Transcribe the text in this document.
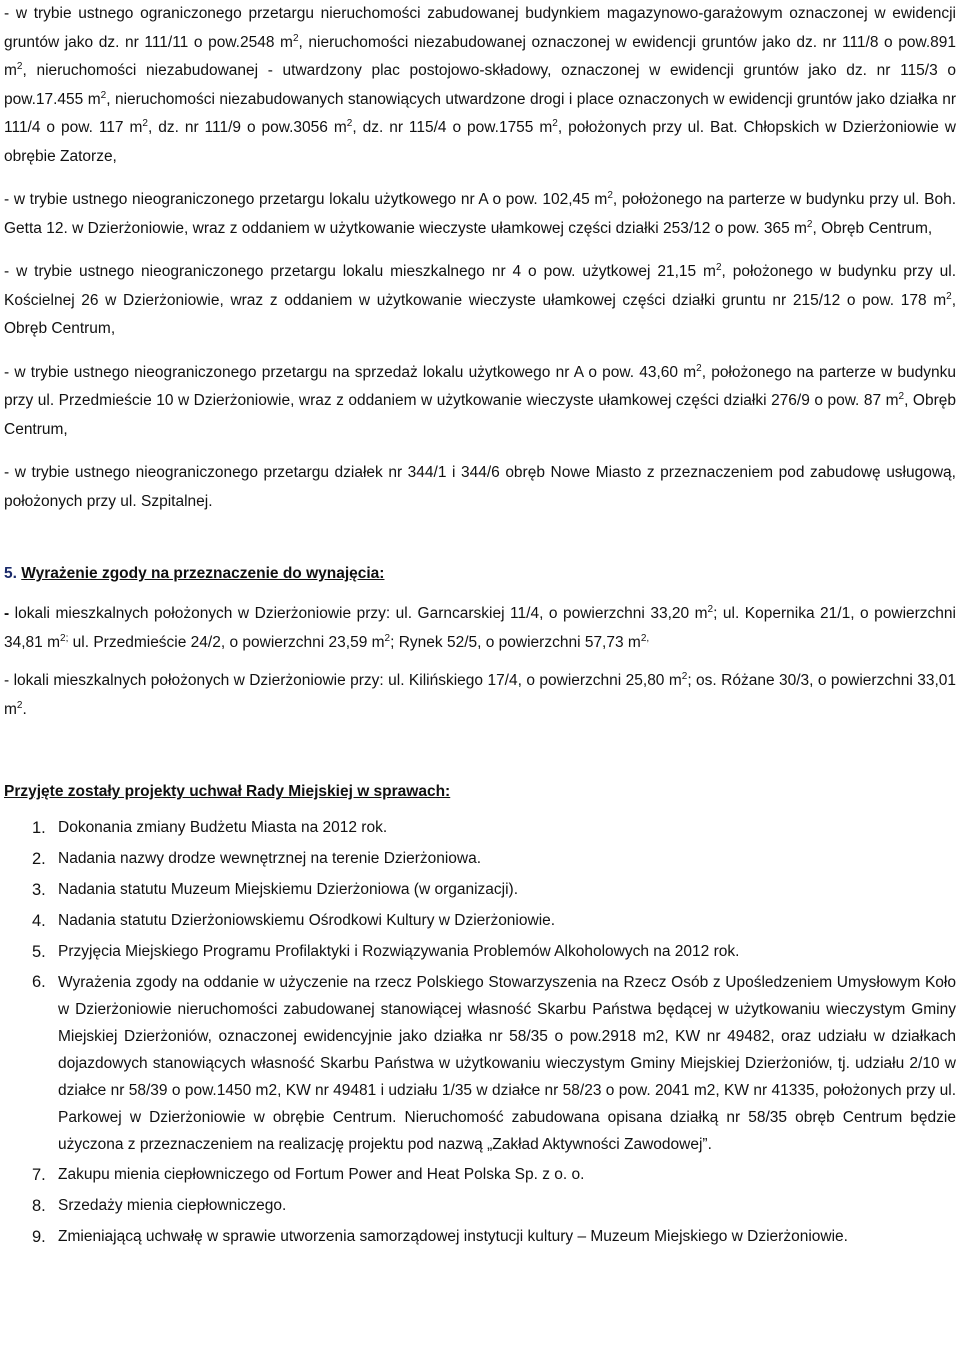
- w trybie ustnego ograniczonego przetargu nieruchomości zabudowanej budynkiem magazynowo-garażowym oznaczonej w ewidencji gruntów jako dz. nr 111/11 o pow.2548 $m^2$, nieruchomości niezabudowanej oznaczonej w ewidencji gruntów jako dz. nr 111/8 o pow.891 $m^2$, nieruchomości niezabudowanej - utwardzony plac postojowo-składowy, oznaczonej w ewidencji gruntów jako dz. nr 115/3 o pow.17.455 $m^2$, nieruchomości niezabudowanych stanowiących utwardzone drogi i place oznaczonych w ewidencji gruntów jako działka nr 111/4 o pow. 117 $m^2$, dz. nr 111/9 o pow.3056 $m^2$, dz. nr 115/4 o pow.1755 $m^2$, położonych przy ul. Bat. Chłopskich w Dzierżoniowie w obrębie Zatorze,

- w trybie ustnego nieograniczonego przetargu lokalu użytkowego nr A o pow. 102,45 $m^2$, położonego na parterze w budynku przy ul. Boh. Getta 12. w Dzierżoniowie, wraz z oddaniem w użytkowanie wieczyste ułamkowej części działki 253/12 o pow. 365 $m^2$, Obręb Centrum,

- w trybie ustnego nieograniczonego przetargu lokalu mieszkalnego nr 4 o pow. użytkowej 21,15 $m^2$, położonego w budynku przy ul. Kościelnej 26 w Dzierżoniowie, wraz z oddaniem w użytkowanie wieczyste ułamkowej części działki gruntu nr 215/12 o pow. 178 $m^2$, Obręb Centrum,

- w trybie ustnego nieograniczonego przetargu na sprzedaż lokalu użytkowego nr A o pow. 43,60 $m^2$, położonego na parterze w budynku przy ul. Przedmieście 10 w Dzierżoniowie, wraz z oddaniem w użytkowanie wieczyste ułamkowej części działki 276/9 o pow. 87 $m^2$, Obręb Centrum,

- w trybie ustnego nieograniczonego przetargu działek nr 344/1 i 344/6 obręb Nowe Miasto z przeznaczeniem pod zabudowę usługową, położonych przy ul. Szpitalnej.

5. Wyrażenie zgody na przeznaczenie do wynajęcia:

- lokali mieszkalnych położonych w Dzierżoniowie przy: ul. Garncarskiej 11/4, o powierzchni 33,20 $m^2$; ul. Kopernika 21/1, o powierzchni 34,81 $m^{2;}$ ul. Przedmieście 24/2, o powierzchni 23,59 $m^2$; Rynek 52/5, o powierzchni 57,73 $m^{2,}$

- lokali mieszkalnych położonych w Dzierżoniowie przy: ul. Kilińskiego 17/4, o powierzchni 25,80 $m^2$; os. Różane 30/3, o powierzchni 33,01 $m^2$.

Przyjęte zostały projekty uchwał Rady Miejskiej w sprawach:

1. Dokonania zmiany Budżetu Miasta na 2012 rok.
2. Nadania nazwy drodze wewnętrznej na terenie Dzierżoniowa.
3. Nadania statutu Muzeum Miejskiemu Dzierżoniowa (w organizacji).
4. Nadania statutu Dzierżoniowskiemu Ośrodkowi Kultury w Dzierżoniowie.
5. Przyjęcia Miejskiego Programu Profilaktyki i Rozwiązywania Problemów Alkoholowych na 2012 rok.
6. Wyrażenia zgody na oddanie w użyczenie na rzecz Polskiego Stowarzyszenia na Rzecz Osób z Upośledzeniem Umysłowym Koło w Dzierżoniowie nieruchomości zabudowanej stanowiącej własność Skarbu Państwa będącej w użytkowaniu wieczystym Gminy Miejskiej Dzierżoniów, oznaczonej ewidencyjnie jako działka nr 58/35 o pow.2918 m2, KW nr 49482, oraz udziału w działkach dojazdowych stanowiących własność Skarbu Państwa w użytkowaniu wieczystym Gminy Miejskiej Dzierżoniów, tj. udziału 2/10 w działce nr 58/39 o pow.1450 m2, KW nr 49481 i udziału 1/35 w działce nr 58/23 o pow. 2041 m2, KW nr 41335, położonych przy ul. Parkowej w Dzierżoniowie w obrębie Centrum. Nieruchomość zabudowana opisana działką nr 58/35 obręb Centrum będzie użyczona z przeznaczeniem na realizację projektu pod nazwą „Zakład Aktywności Zawodowej”.
7. Zakupu mienia ciepłowniczego od Fortum Power and Heat Polska Sp. z o. o.
8. Srzedaży mienia ciepłowniczego.
9. Zmieniającą uchwałę w sprawie utworzenia samorządowej instytucji kultury – Muzeum Miejskiego w Dzierżoniowie.
